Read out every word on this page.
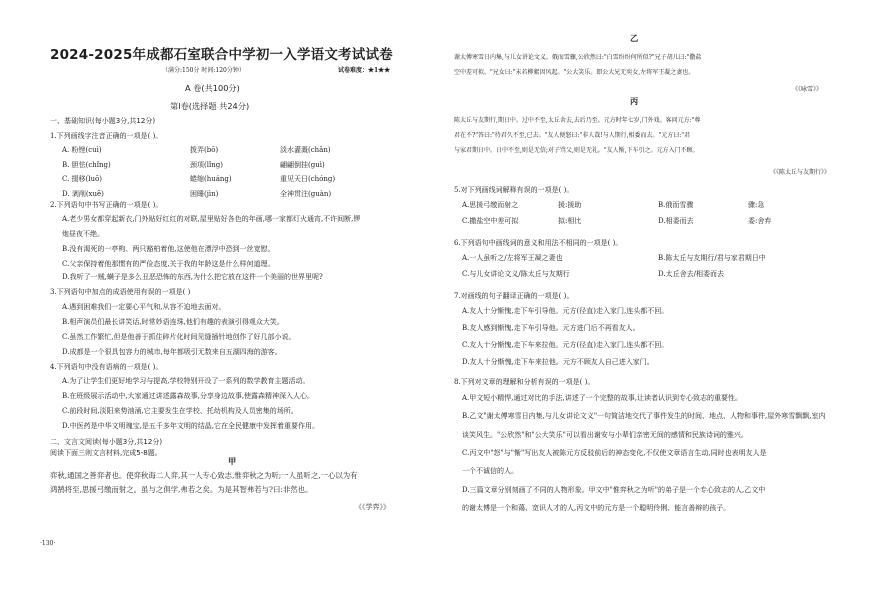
2024-2025年成都石室联合中学初一入学语文考试试卷
（满分:150分 时间:120分钟）	试卷难度：★1★★
A 卷(共100分)
第Ⅰ卷(选择题 共24分)
一、基础知识(每小题3分,共12分)
1.下列画线字注音正确的一项是( )。
A. 粉锉(cuì)	拨弄(bō)	淡水灌溉(chǎn)
B. 胆怯(chǐng)	颈项(lǐng)	翩翩倒挂(guì)
C. 掇移(luō)	蜷缩(huáng)	重见天日(chóng)
D. 剥削(xuē)	困睡(jìn)	全神贯注(guàn)
2.下列语句中书写正确的一项是( )。
A.老少男女都穿起新衣,门外贴好红红的对联,屋里贴好各色的年画,哪一家都灯火通宵,不许间断,锣
炮昼夜不绝。
B.没有渴死的一亭枸、两只豁柏着他,这使他在漂浮中恐到一丝宽慰。
C.父亲保持着他那惯有的严俭态度,关于我的年龄这是什么样何道理。
D.我听了一贼,螨子是多么丑恶恐怖的东西,为什么把它放在这件一个美丽的世界里呢?
3.下列语句中加点的成语使用有误的一项是( )
A.遇到困难我们一定要心平气和,从容不迫地去面对。
B.相声演员们最长讲笑话,时常妙语连珠,他们有趣的表演引得观众大笑。
C.虽然工作繁忙,但是他善于抓住碎片化时间见缝插针地创作了好几部小说。
D.成都是一个很具包容力的城市,每年都吸引无数来自五湖四海的游客。
4.下列语句中没有语病的一项是( )。
A.为了让学生们更好地学习与提高,学校特别开设了一系列的数学教育主题活动。
B.在班级展示活动中,大家通过讲述露森故事,分享身边故事,使露森精神深入人心。
C.前段时间,淡阳来势汹涌,它主要发生在学校、托幼机构及人员密集的场所。
D.中医药是中华文明瑰宝,是五千多年文明的结晶,它在全民健康中发挥着重要作用。
二、文言文阅读(每小题3分,共12分)
阅读下面三则文言材料,完成5-8题。
甲
弈秋,通国之善弈者也。使弈秋诲二人弈,其一人专心致志,惟弈秋之为听;一人虽听之,一心以为有
鸿鹄将至,思援弓缴而射之。虽与之俱学,弗若之矣。为是其智弗若与?曰:非然也。
《《学弈》》
·130·
乙
谢太傅寒雪日内集,与儿女讲论文义。俄而雪骤,公欣然曰:"白雪纷纷何所似?"兄子胡儿曰:"撒盐
空中差可拟。"兄女曰:"未若柳絮因风起。"公大笑乐。即公大兄无奕女,左将军王凝之妻也。
《《咏雪》》
丙
陈太丘与友期行,期日中。过中不至,太丘舍去,去后乃至。元方时年七岁,门外戏。客问元方:"尊
君在不?"答曰:"待君久不至,已去。"友人便怒曰:"非人哉!与人期行,相委而去。"元方曰:"君
与家君期日中。日中不至,则是无信;对子骂父,则是无礼。"友人惭,下车引之。元方入门不顾。
《《陈太丘与友期行》》
5.对下列画线词解释有误的一项是( )。
A.思援弓缴而射之	援:援助	B.俄而雪骤	骤:急
C.撒盐空中差可拟	拟:相比	D.相委而去	委:舍弃
6.下列语句中画线词的意义和用法不相同的一项是( )。
A.一人虽听之/左将军王凝之妻也	B.陈太丘与友期行/君与家君期日中
C.与儿女讲论文义/陈太丘与友期行	D.太丘舍去/相委而去
7.对画线的句子翻译正确的一项是( )。
A.友人十分惭愧,走下车引导他。元方(径直)走入家门,连头都不回。
B.友人感到惭愧,走下车引导他。元方进门后不再看友人。
C.友人十分惭愧,走下车来拉他。元方(径直)走入家门,连头都不回。
D.友人十分惭愧,走下车来拉他。元方不顾友人自己进入家门。
8.下列对文章的理解和分析有误的一项是( )。
A.甲文短小精悍,通过对比的手法,讲述了一个完整的故事,让读者认识到专心致志的重要性。
B.乙文"谢太傅寒雪日内集,与儿女讲论文义"一句简洁地交代了事件发生的时间、地点、人物和事件,屋外寒雪飘飘,室内
谈笑风生。"公欣然"和"公大笑乐"可以看出谢安与小辈们亲密无间的感情和民族诗词的雅兴。
C.丙文中"怒"与"惭"写出友人被陈元方反驳前后的神态变化,不仅使文章语言生动,同时也表明友人是
一个不诚信的人。
D.三篇文章分别刻画了不同的人物形象。甲文中"惟弈秋之为听"的弟子是一个专心致志的人,乙文中
的谢太傅是一个和蔼、宽识人才的人,丙文中的元方是一个聪明伶俐、能言善辩的孩子。
